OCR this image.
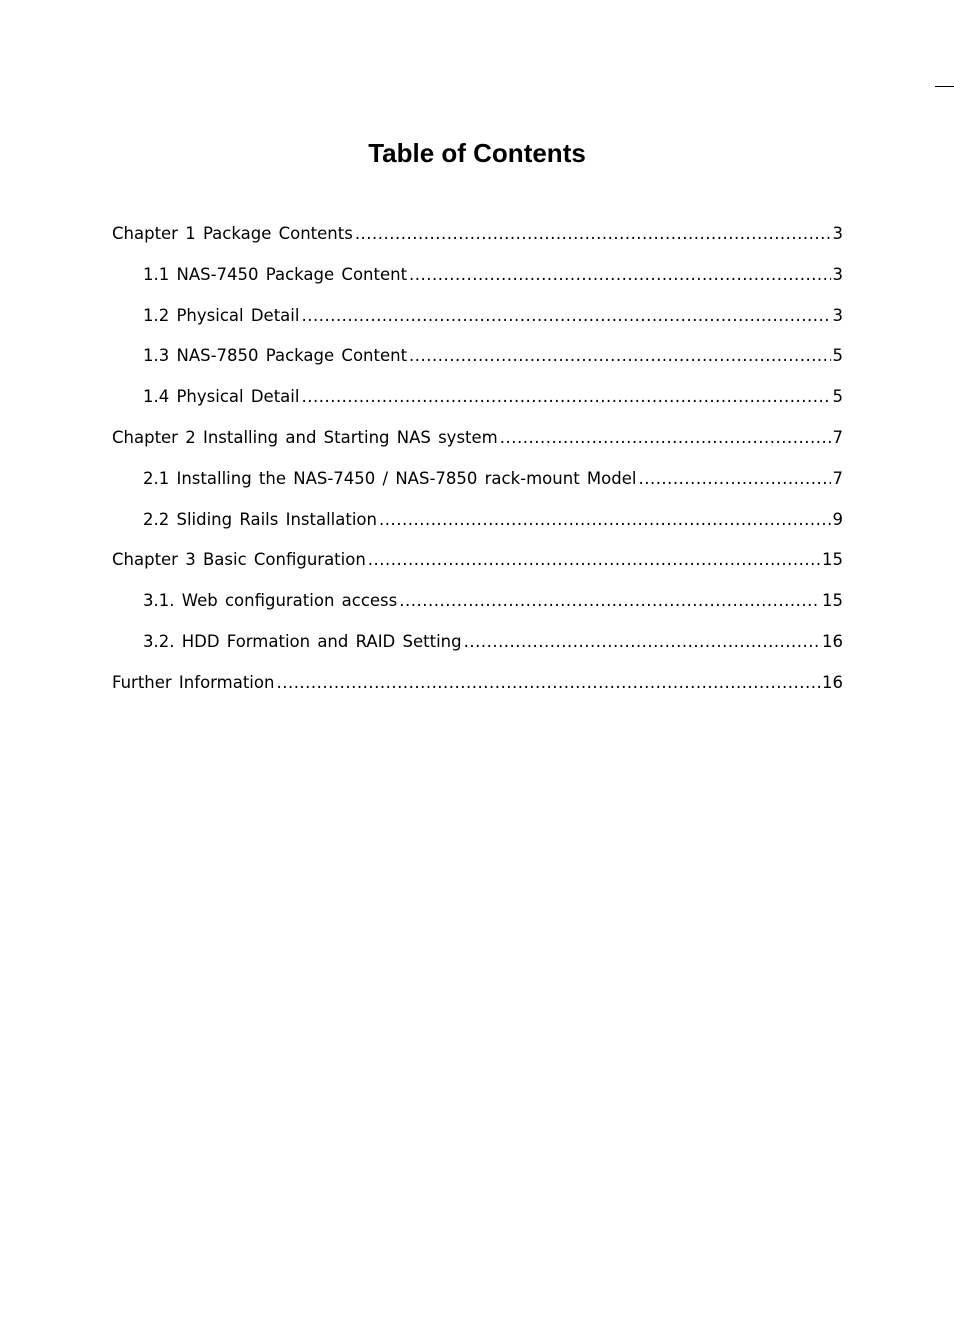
Table of Contents
Chapter 1 Package Contents .....	3
1.1 NAS-7450 Package Content .....	3
1.2 Physical Detail .....	3
1.3 NAS-7850 Package Content .....	5
1.4 Physical Detail .....	5
Chapter 2 Installing and Starting NAS system .....	7
2.1 Installing the NAS-7450 / NAS-7850 rack-mount Model .....	7
2.2 Sliding Rails Installation .....	9
Chapter 3 Basic Configuration .....	15
3.1. Web configuration access .....	15
3.2. HDD Formation and RAID Setting .....	16
Further Information .....	16
